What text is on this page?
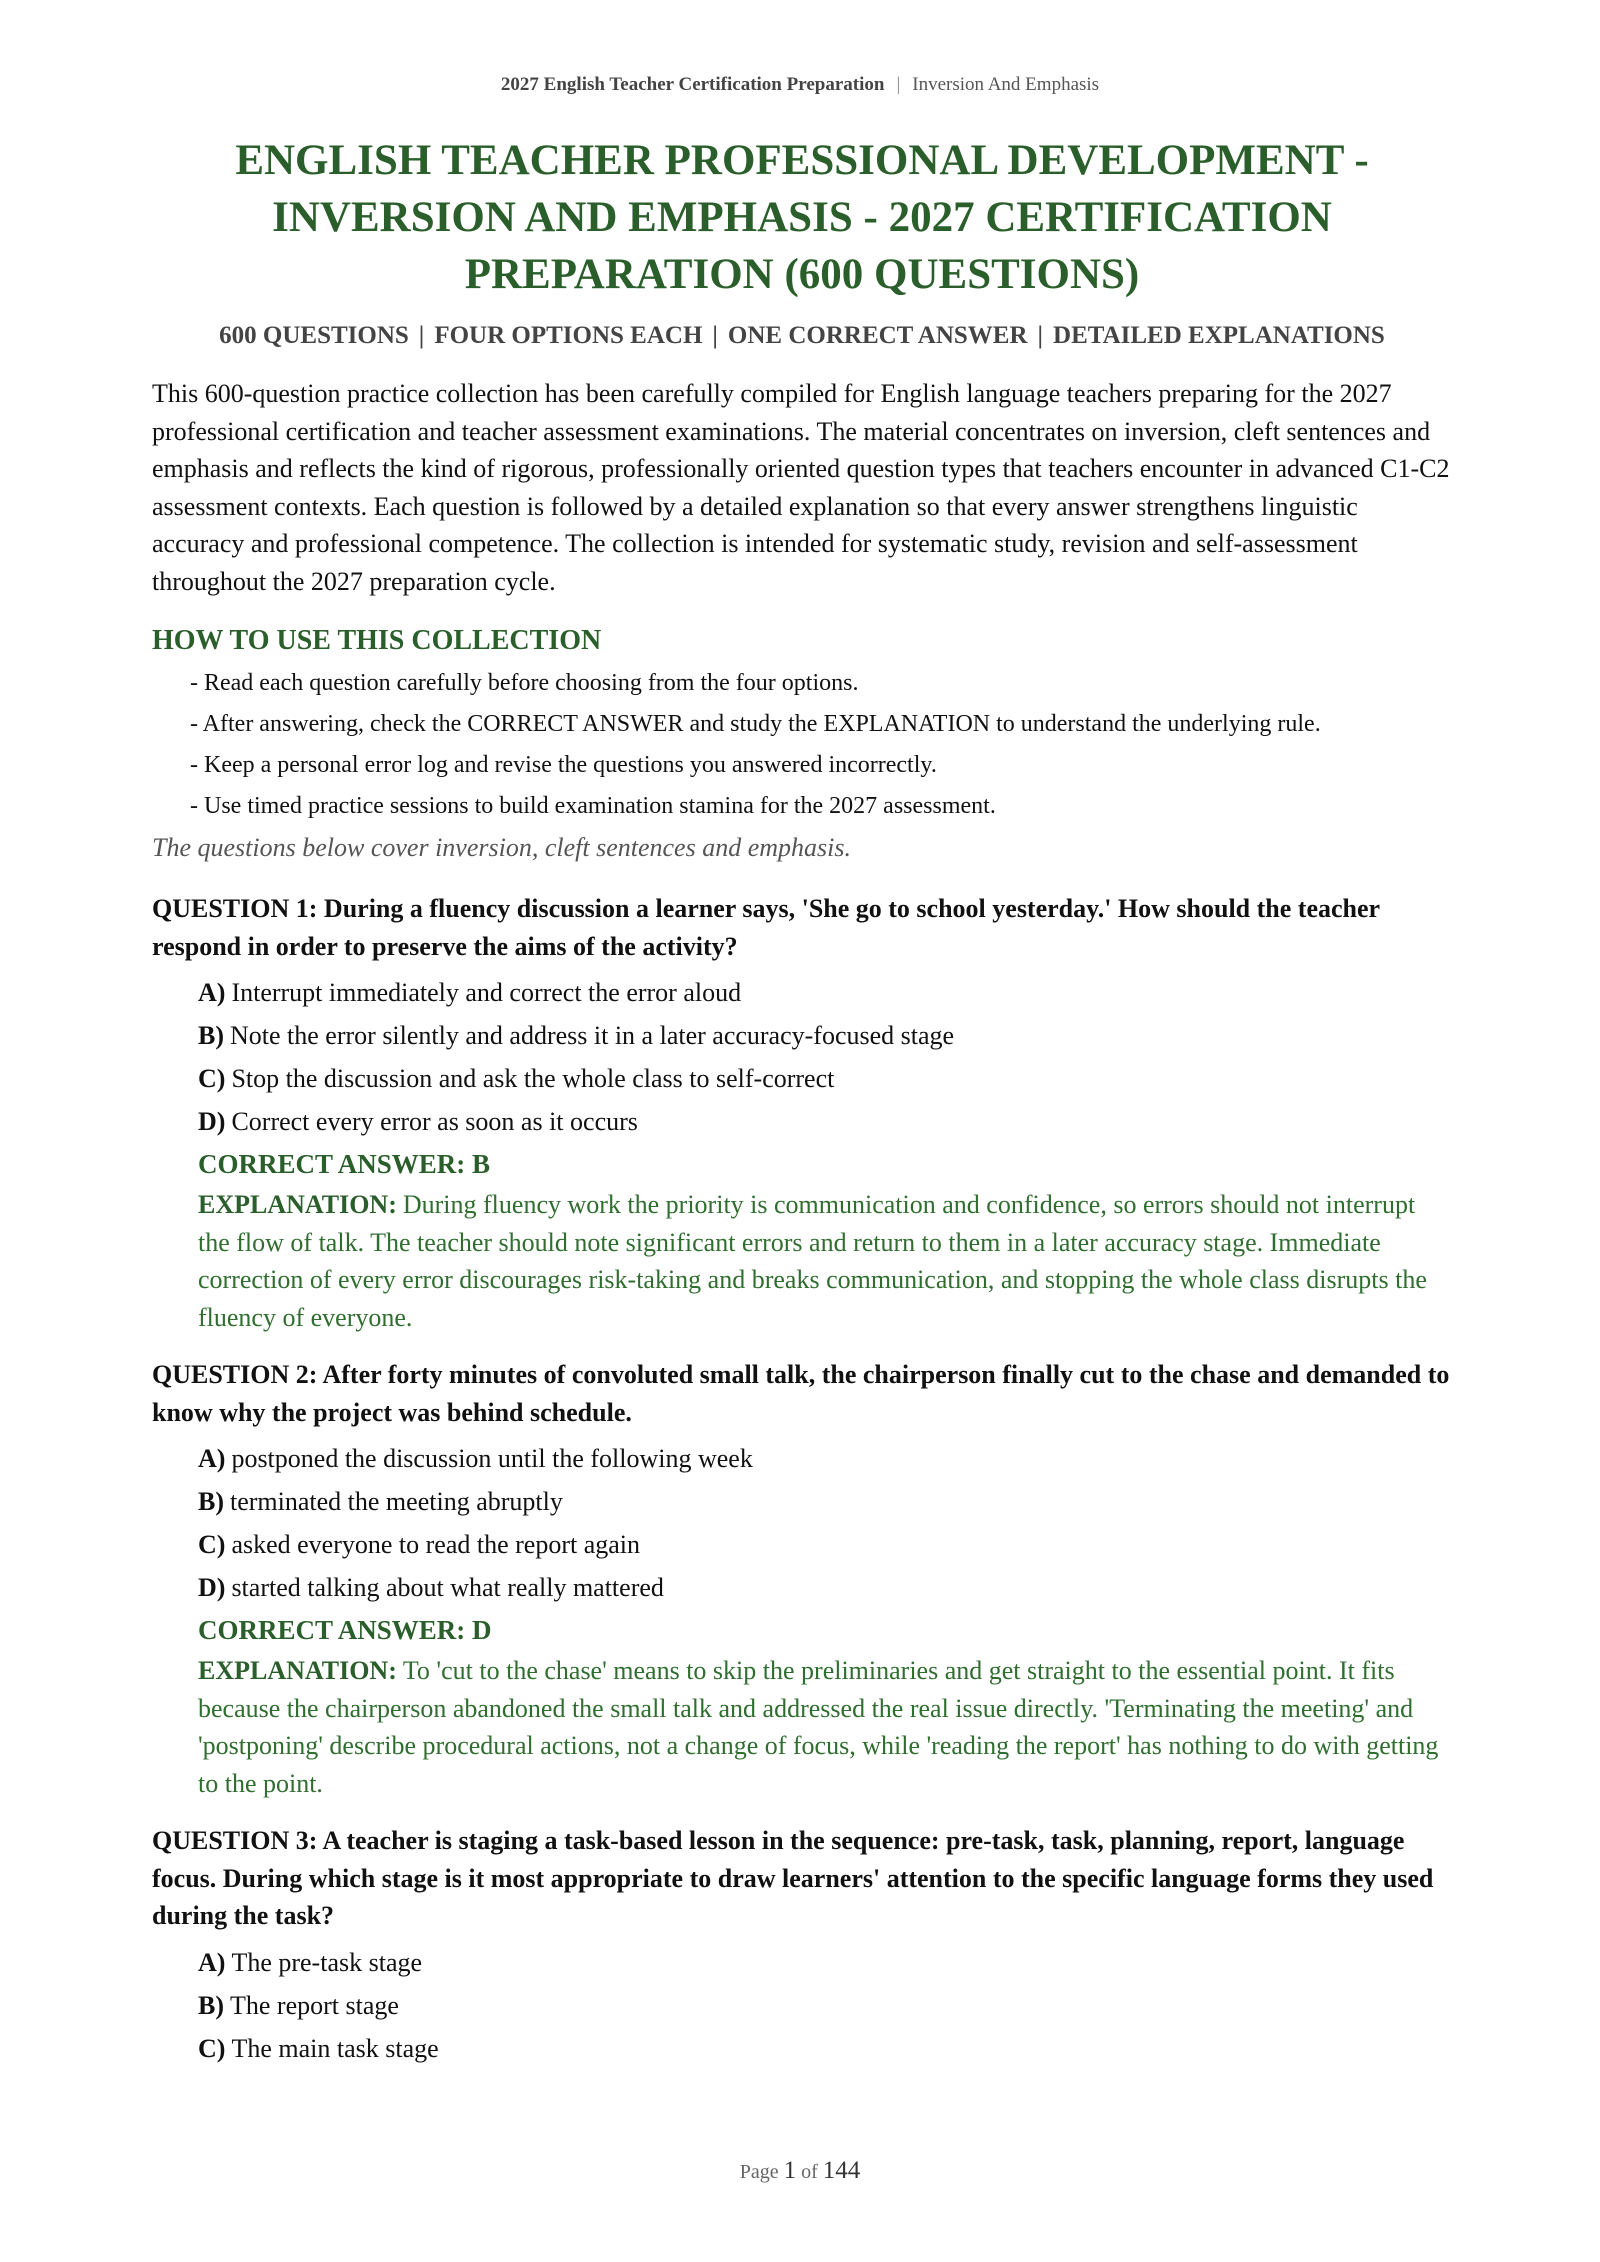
2027 English Teacher Certification Preparation | Inversion And Emphasis
ENGLISH TEACHER PROFESSIONAL DEVELOPMENT - INVERSION AND EMPHASIS - 2027 CERTIFICATION PREPARATION (600 QUESTIONS)
600 QUESTIONS | FOUR OPTIONS EACH | ONE CORRECT ANSWER | DETAILED EXPLANATIONS

This 600-question practice collection has been carefully compiled for English language teachers preparing for the 2027 professional certification and teacher assessment examinations. The material concentrates on inversion, cleft sentences and emphasis and reflects the kind of rigorous, professionally oriented question types that teachers encounter in advanced C1-C2 assessment contexts. Each question is followed by a detailed explanation so that every answer strengthens linguistic accuracy and professional competence. The collection is intended for systematic study, revision and self-assessment throughout the 2027 preparation cycle.

HOW TO USE THIS COLLECTION
- Read each question carefully before choosing from the four options.
- After answering, check the CORRECT ANSWER and study the EXPLANATION to understand the underlying rule.
- Keep a personal error log and revise the questions you answered incorrectly.
- Use timed practice sessions to build examination stamina for the 2027 assessment.
The questions below cover inversion, cleft sentences and emphasis.
QUESTION 1: During a fluency discussion a learner says, 'She go to school yesterday.' How should the teacher respond in order to preserve the aims of the activity?
A) Interrupt immediately and correct the error aloud
B) Note the error silently and address it in a later accuracy-focused stage
C) Stop the discussion and ask the whole class to self-correct
D) Correct every error as soon as it occurs
CORRECT ANSWER: B
EXPLANATION: During fluency work the priority is communication and confidence, so errors should not interrupt the flow of talk. The teacher should note significant errors and return to them in a later accuracy stage. Immediate correction of every error discourages risk-taking and breaks communication, and stopping the whole class disrupts the fluency of everyone.
QUESTION 2: After forty minutes of convoluted small talk, the chairperson finally cut to the chase and demanded to know why the project was behind schedule.
A) postponed the discussion until the following week
B) terminated the meeting abruptly
C) asked everyone to read the report again
D) started talking about what really mattered
CORRECT ANSWER: D
EXPLANATION: To 'cut to the chase' means to skip the preliminaries and get straight to the essential point. It fits because the chairperson abandoned the small talk and addressed the real issue directly. 'Terminating the meeting' and 'postponing' describe procedural actions, not a change of focus, while 'reading the report' has nothing to do with getting to the point.
QUESTION 3: A teacher is staging a task-based lesson in the sequence: pre-task, task, planning, report, language focus. During which stage is it most appropriate to draw learners' attention to the specific language forms they used during the task?
A) The pre-task stage
B) The report stage
C) The main task stage
Page 1 of 144
